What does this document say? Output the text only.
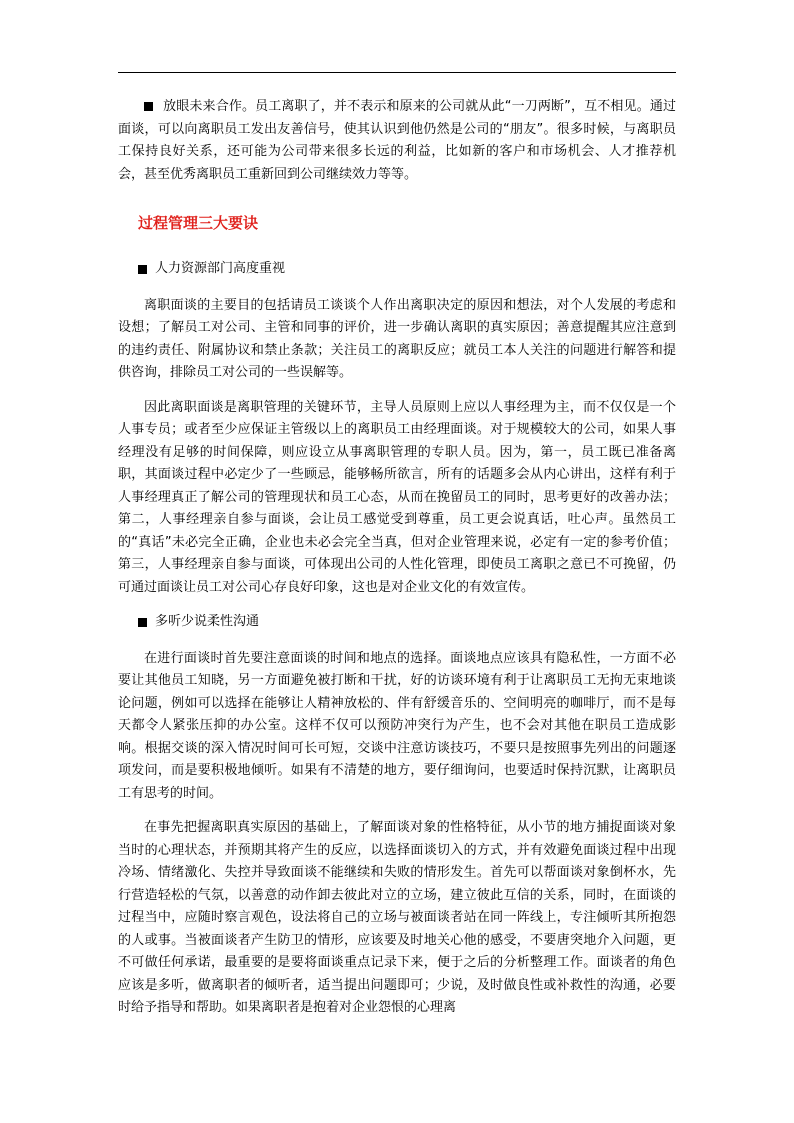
放眼未来合作。员工离职了，并不表示和原来的公司就从此“一刀两断”，互不相见。通过面谈，可以向离职员工发出友善信号，使其认识到他仍然是公司的“朋友”。很多时候，与离职员工保持良好关系，还可能为公司带来很多长远的利益，比如新的客户和市场机会、人才推荐机会，甚至优秀离职员工重新回到公司继续效力等等。

过程管理三大要诀

人力资源部门高度重视

离职面谈的主要目的包括请员工谈谈个人作出离职决定的原因和想法，对个人发展的考虑和设想；了解员工对公司、主管和同事的评价，进一步确认离职的真实原因；善意提醒其应注意到的违约责任、附属协议和禁止条款；关注员工的离职反应；就员工本人关注的问题进行解答和提供咨询，排除员工对公司的一些误解等。

因此离职面谈是离职管理的关键环节，主导人员原则上应以人事经理为主，而不仅仅是一个人事专员；或者至少应保证主管级以上的离职员工由经理面谈。对于规模较大的公司，如果人事经理没有足够的时间保障，则应设立从事离职管理的专职人员。因为，第一，员工既已准备离职，其面谈过程中必定少了一些顾忌，能够畅所欲言，所有的话题多会从内心讲出，这样有利于人事经理真正了解公司的管理现状和员工心态，从而在挽留员工的同时，思考更好的改善办法；第二，人事经理亲自参与面谈，会让员工感觉受到尊重，员工更会说真话，吐心声。虽然员工的“真话”未必完全正确，企业也未必会完全当真，但对企业管理来说，必定有一定的参考价值；第三，人事经理亲自参与面谈，可体现出公司的人性化管理，即使员工离职之意已不可挽留，仍可通过面谈让员工对公司心存良好印象，这也是对企业文化的有效宣传。

多听少说柔性沟通

在进行面谈时首先要注意面谈的时间和地点的选择。面谈地点应该具有隐私性，一方面不必要让其他员工知晓，另一方面避免被打断和干扰，好的访谈环境有利于让离职员工无拘无束地谈论问题，例如可以选择在能够让人精神放松的、伴有舒缓音乐的、空间明亮的咖啡厅，而不是每天都令人紧张压抑的办公室。这样不仅可以预防冲突行为产生，也不会对其他在职员工造成影响。根据交谈的深入情况时间可长可短，交谈中注意访谈技巧，不要只是按照事先列出的问题逐项发问，而是要积极地倾听。如果有不清楚的地方，要仔细询问，也要适时保持沉默，让离职员工有思考的时间。

在事先把握离职真实原因的基础上，了解面谈对象的性格特征，从小节的地方捕捉面谈对象当时的心理状态，并预期其将产生的反应，以选择面谈切入的方式，并有效避免面谈过程中出现冷场、情绪激化、失控并导致面谈不能继续和失败的情形发生。首先可以帮面谈对象倒杯水，先行营造轻松的气氛，以善意的动作卸去彼此对立的立场，建立彼此互信的关系，同时，在面谈的过程当中，应随时察言观色，设法将自己的立场与被面谈者站在同一阵线上，专注倾听其所抱怨的人或事。当被面谈者产生防卫的情形，应该要及时地关心他的感受，不要唐突地介入问题，更不可做任何承诺，最重要的是要将面谈重点记录下来，便于之后的分析整理工作。面谈者的角色应该是多听，做离职者的倾听者，适当提出问题即可；少说，及时做良性或补救性的沟通，必要时给予指导和帮助。如果离职者是抱着对企业怨恨的心理离
